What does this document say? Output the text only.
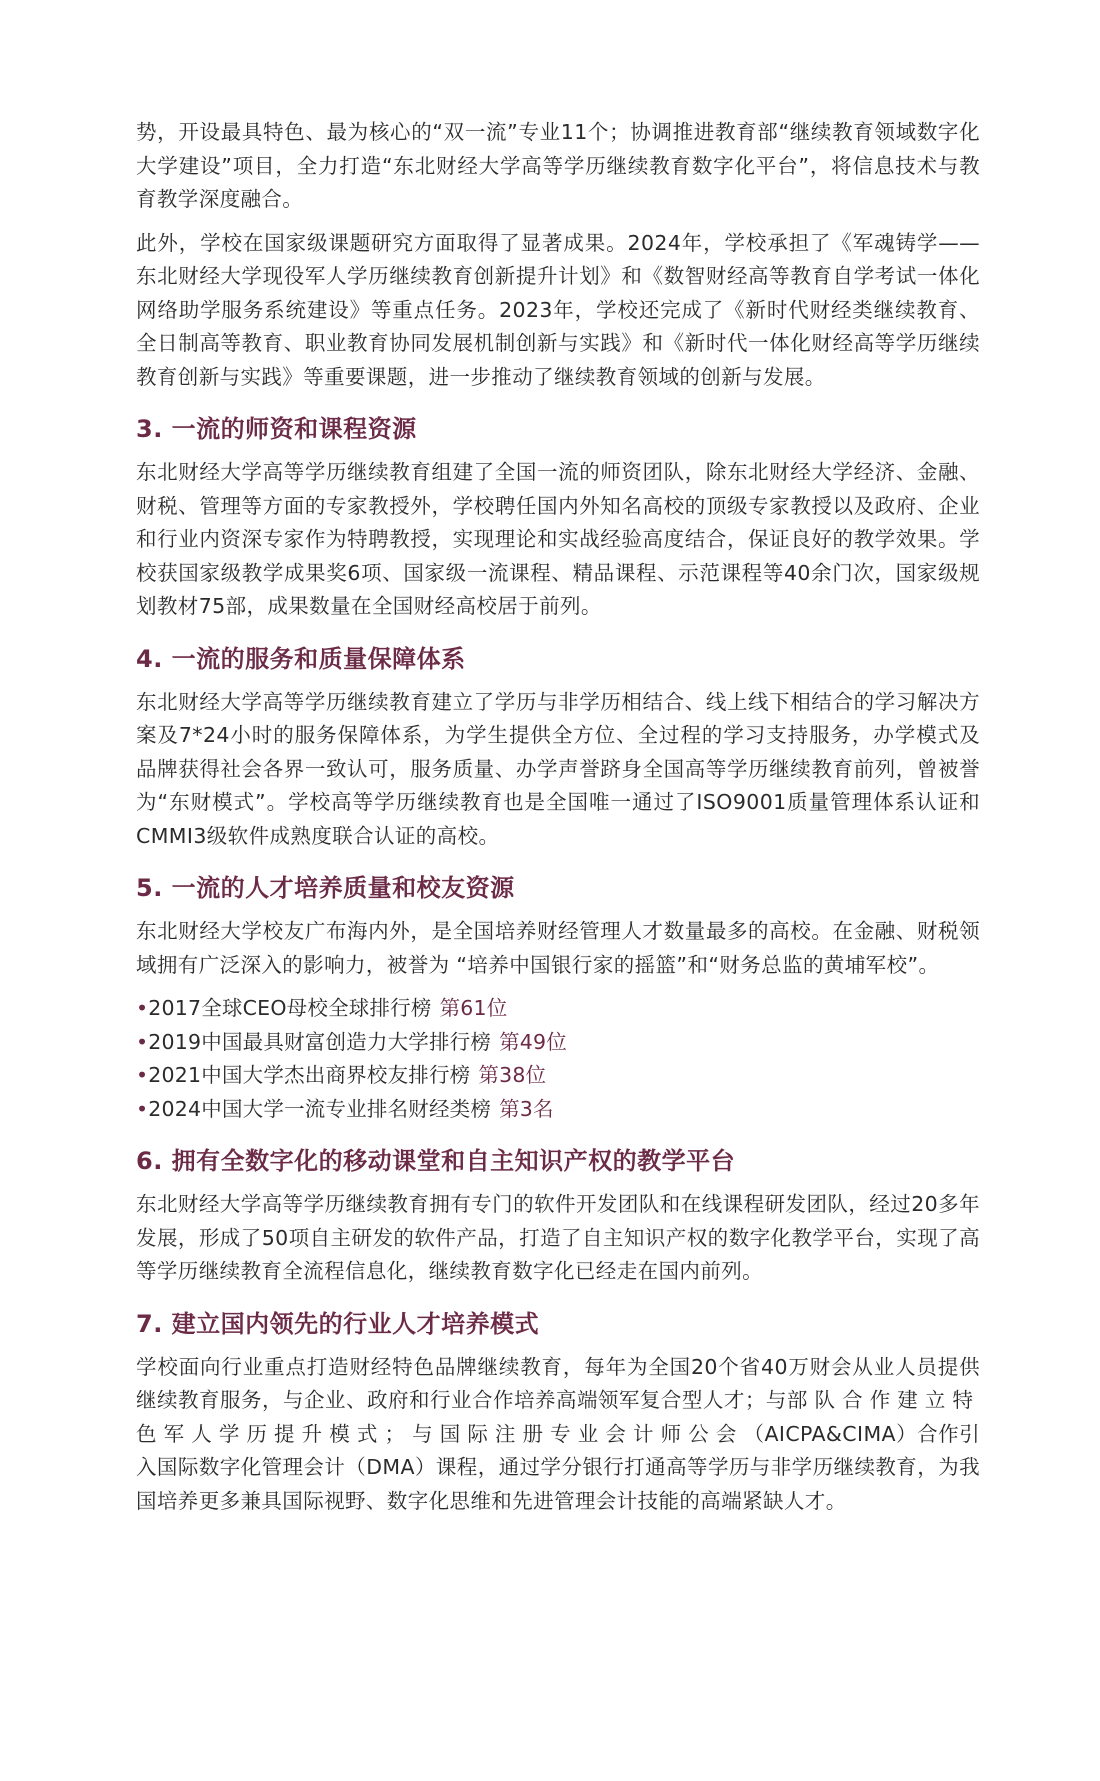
势，开设最具特色、最为核心的“双一流”专业11个；协调推进教育部“继续教育领域数字化大学建设”项目，全力打造“东北财经大学高等学历继续教育数字化平台”，将信息技术与教育教学深度融合。

此外，学校在国家级课题研究方面取得了显著成果。2024年，学校承担了《军魂铸学——东北财经大学现役军人学历继续教育创新提升计划》和《数智财经高等教育自学考试一体化网络助学服务系统建设》等重点任务。2023年，学校还完成了《新时代财经类继续教育、全日制高等教育、职业教育协同发展机制创新与实践》和《新时代一体化财经高等学历继续教育创新与实践》等重要课题，进一步推动了继续教育领域的创新与发展。

3. 一流的师资和课程资源

东北财经大学高等学历继续教育组建了全国一流的师资团队，除东北财经大学经济、金融、财税、管理等方面的专家教授外，学校聘任国内外知名高校的顶级专家教授以及政府、企业和行业内资深专家作为特聘教授，实现理论和实战经验高度结合，保证良好的教学效果。学校获国家级教学成果奖6项、国家级一流课程、精品课程、示范课程等40余门次，国家级规划教材75部，成果数量在全国财经高校居于前列。

4. 一流的服务和质量保障体系

东北财经大学高等学历继续教育建立了学历与非学历相结合、线上线下相结合的学习解决方案及7*24小时的服务保障体系，为学生提供全方位、全过程的学习支持服务，办学模式及品牌获得社会各界一致认可，服务质量、办学声誉跻身全国高等学历继续教育前列，曾被誉为“东财模式”。学校高等学历继续教育也是全国唯一通过了ISO9001质量管理体系认证和CMMI3级软件成熟度联合认证的高校。

5. 一流的人才培养质量和校友资源

东北财经大学校友广布海内外，是全国培养财经管理人才数量最多的高校。在金融、财税领域拥有广泛深入的影响力，被誉为 “培养中国银行家的摇篮”和“财务总监的黄埔军校”。

•2017全球CEO母校全球排行榜 第61位
•2019中国最具财富创造力大学排行榜 第49位
•2021中国大学杰出商界校友排行榜 第38位
•2024中国大学一流专业排名财经类榜 第3名
6. 拥有全数字化的移动课堂和自主知识产权的教学平台

东北财经大学高等学历继续教育拥有专门的软件开发团队和在线课程研发团队，经过20多年发展，形成了50项自主研发的软件产品，打造了自主知识产权的数字化教学平台，实现了高等学历继续教育全流程信息化，继续教育数字化已经走在国内前列。

7. 建立国内领先的行业人才培养模式

学校面向行业重点打造财经特色品牌继续教育，每年为全国20个省40万财会从业人员提供继续教育服务，与企业、政府和行业合作培养高端领军复合型人才；与部队合作建立特色军人学历提升模式；与国际注册专业会计师公会（AICPA&CIMA）合作引入国际数字化管理会计（DMA）课程，通过学分银行打通高等学历与非学历继续教育，为我国培养更多兼具国际视野、数字化思维和先进管理会计技能的高端紧缺人才。
